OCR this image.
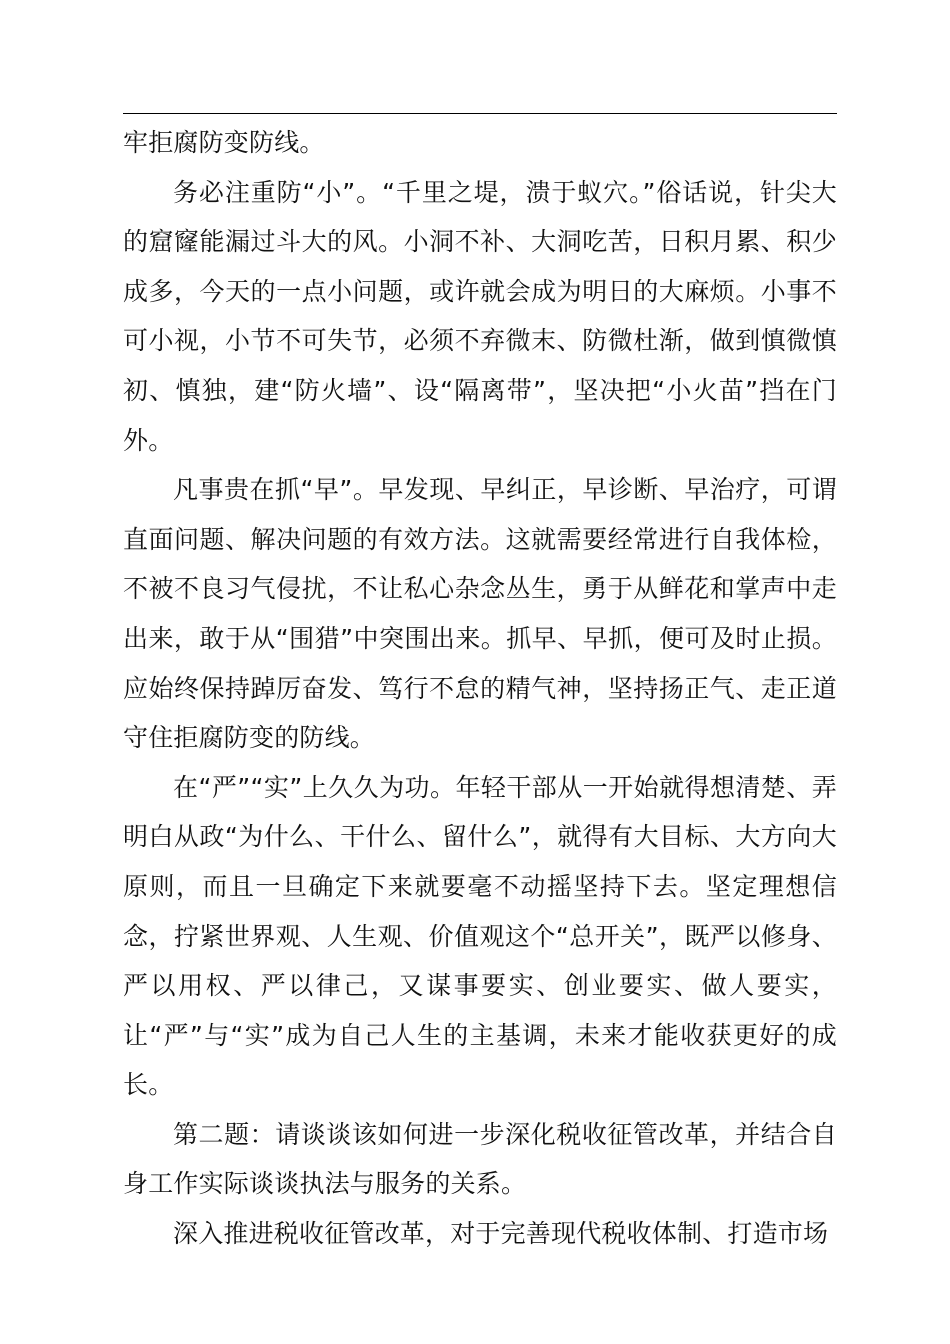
牢拒腐防变防线。

务必注重防“小”。“千里之堤，溃于蚁穴。”俗话说，针尖大的窟窿能漏过斗大的风。小洞不补、大洞吃苦，日积月累、积少成多，今天的一点小问题，或许就会成为明日的大麻烦。小事不可小视，小节不可失节，必须不弃微末、防微杜渐，做到慎微慎初、慎独，建“防火墙”、设“隔离带”，坚决把“小火苗”挡在门外。

凡事贵在抓“早”。早发现、早纠正，早诊断、早治疗，可谓直面问题、解决问题的有效方法。这就需要经常进行自我体检，不被不良习气侵扰，不让私心杂念丛生，勇于从鲜花和掌声中走出来，敢于从“围猎”中突围出来。抓早、早抓，便可及时止损。应始终保持踔厉奋发、笃行不怠的精气神，坚持扬正气、走正道守住拒腐防变的防线。

在“严”“实”上久久为功。年轻干部从一开始就得想清楚、弄明白从政“为什么、干什么、留什么”，就得有大目标、大方向大原则，而且一旦确定下来就要毫不动摇坚持下去。坚定理想信念，拧紧世界观、人生观、价值观这个“总开关”，既严以修身、严以用权、严以律己，又谋事要实、创业要实、做人要实，让“严”与“实”成为自己人生的主基调，未来才能收获更好的成长。

第二题：请谈谈该如何进一步深化税收征管改革，并结合自身工作实际谈谈执法与服务的关系。

深入推进税收征管改革，对于完善现代税收体制、打造市场
